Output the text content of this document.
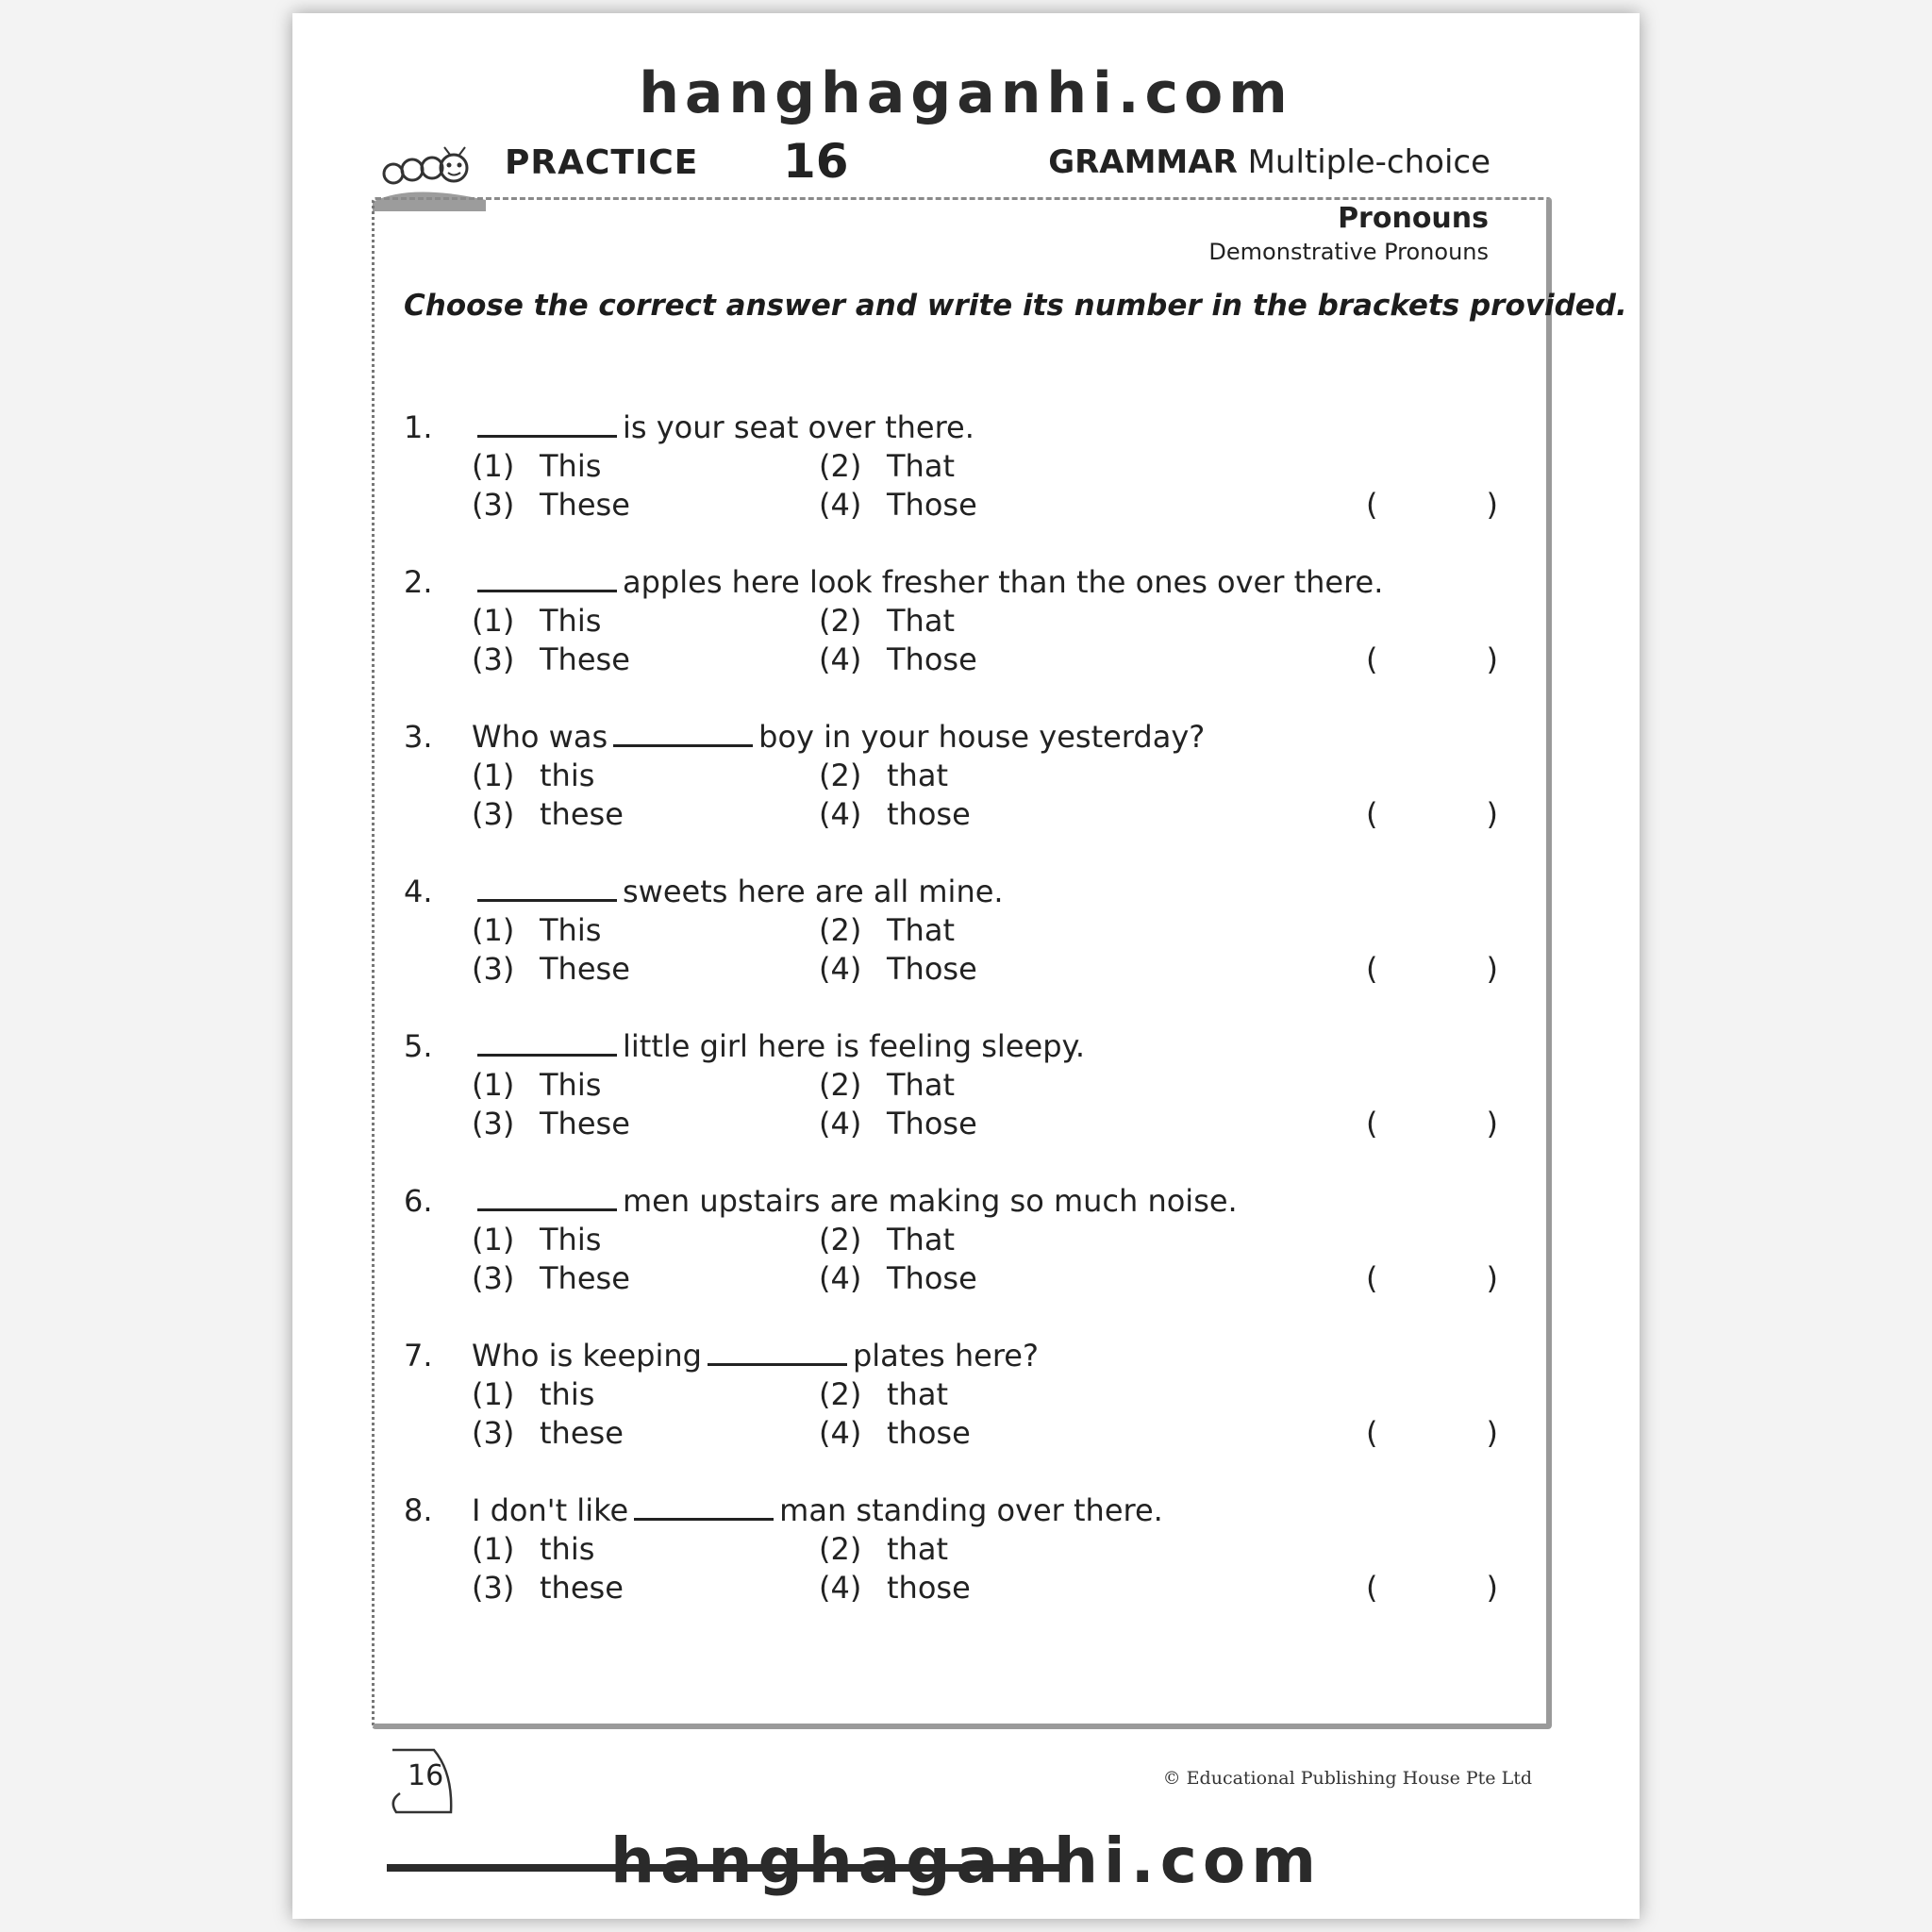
hanghaganhi.com
PRACTICE 16	GRAMMAR Multiple-choice
Pronouns
Demonstrative Pronouns
Choose the correct answer and write its number in the brackets provided.
1.	is your seat over there.
(1) This	(2) That
(3) These	(4) Those	(	)
2.	apples here look fresher than the ones over there.
(1) This	(2) That
(3) These	(4) Those	(	)
3. Who was	boy in your house yesterday?
(1) this	(2) that
(3) these	(4) those	(	)
4.	sweets here are all mine.
(1) This	(2) That
(3) These	(4) Those	(	)
5.	little girl here is feeling sleepy.
(1) This	(2) That
(3) These	(4) Those	(	)
6.	men upstairs are making so much noise.
(1) This	(2) That
(3) These	(4) Those	(	)
7. Who is keeping	plates here?
(1) this	(2) that
(3) these	(4) those	(	)
8. I don't like	man standing over there.
(1) this	(2) that
(3) these	(4) those	(	)
16	© Educational Publishing House Pte Ltd
hanghaganhi.com
